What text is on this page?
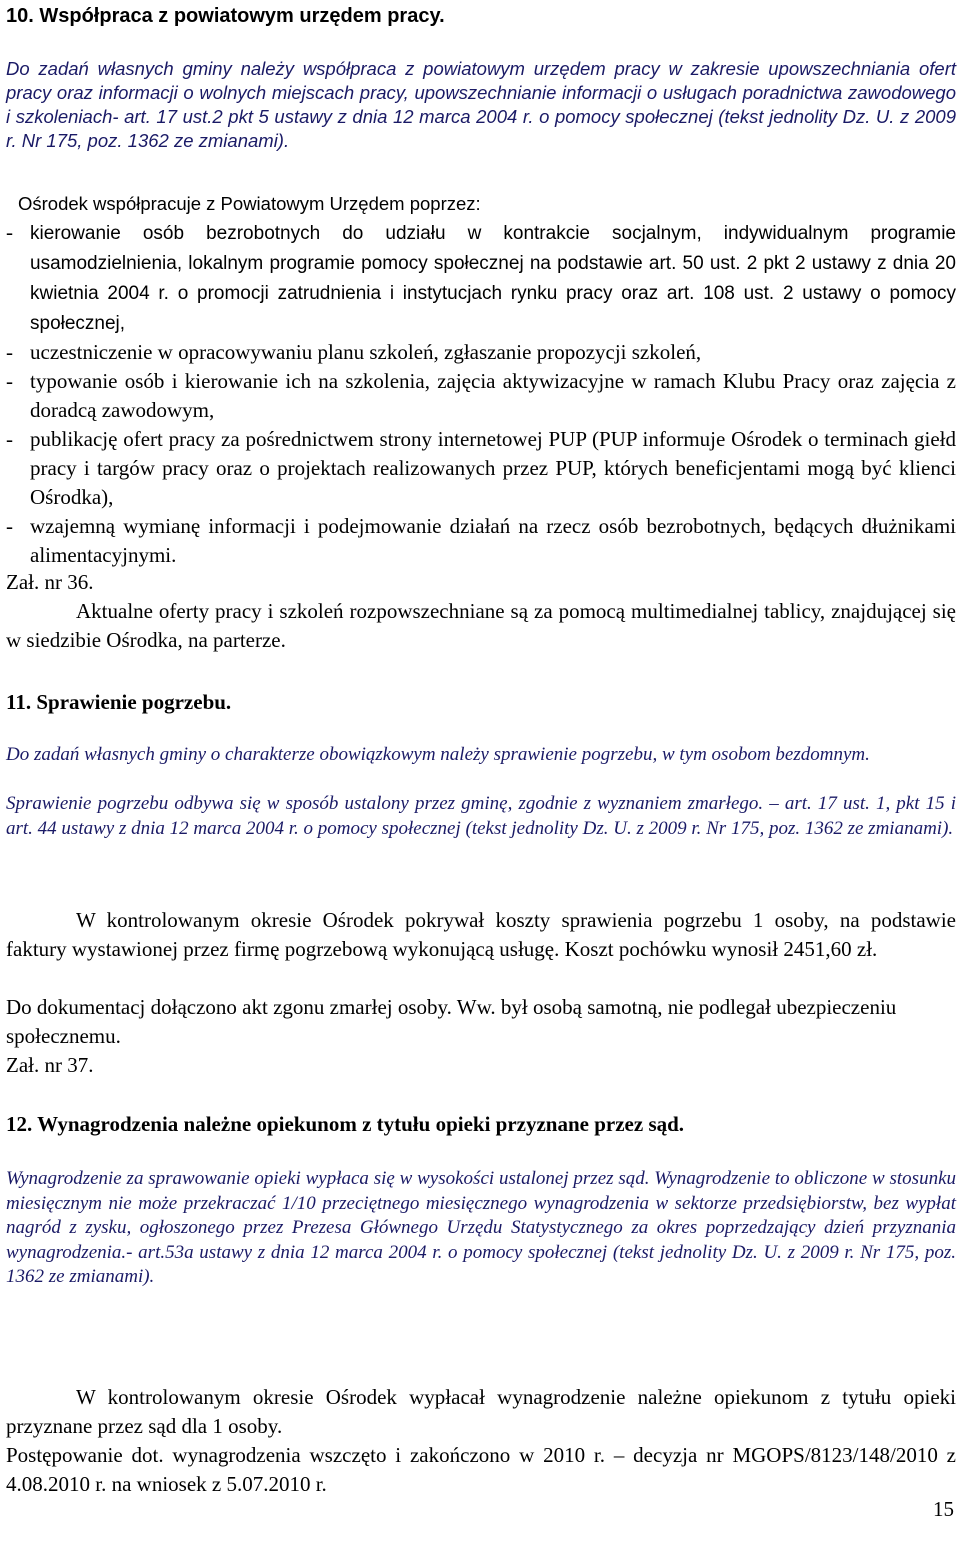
10. Współpraca z powiatowym urzędem pracy.

Do zadań własnych gminy należy współpraca z powiatowym urzędem pracy w zakresie upowszechniania ofert pracy oraz informacji o wolnych miejscach pracy, upowszechnianie informacji o usługach poradnictwa zawodowego i szkoleniach- art. 17 ust.2 pkt 5 ustawy z dnia 12 marca 2004 r. o pomocy społecznej (tekst jednolity Dz. U. z 2009 r. Nr 175, poz. 1362 ze zmianami).

Ośrodek współpracuje z Powiatowym Urzędem poprzez:

- kierowanie osób bezrobotnych do udziału w kontrakcie socjalnym, indywidualnym programie usamodzielnienia, lokalnym programie pomocy społecznej na podstawie art. 50 ust. 2 pkt 2 ustawy z dnia 20 kwietnia 2004 r. o promocji zatrudnienia i instytucjach rynku pracy oraz art. 108 ust. 2 ustawy o pomocy społecznej,
- uczestniczenie w opracowywaniu planu szkoleń, zgłaszanie propozycji szkoleń,
- typowanie osób i kierowanie ich na szkolenia, zajęcia aktywizacyjne w ramach Klubu Pracy oraz zajęcia z doradcą zawodowym,
- publikację ofert pracy za pośrednictwem strony internetowej PUP (PUP informuje Ośrodek o terminach giełd pracy i targów pracy oraz o projektach realizowanych przez PUP, których beneficjentami mogą być klienci Ośrodka),
- wzajemną wymianę informacji i podejmowanie działań na rzecz osób bezrobotnych, będących dłużnikami alimentacyjnymi.

Zał. nr 36.

Aktualne oferty pracy i szkoleń rozpowszechniane są za pomocą multimedialnej tablicy, znajdującej się w siedzibie Ośrodka, na parterze.

11. Sprawienie pogrzebu.

Do zadań własnych gminy o charakterze obowiązkowym należy sprawienie pogrzebu, w tym osobom bezdomnym.

Sprawienie pogrzebu odbywa się w sposób ustalony przez gminę, zgodnie z wyznaniem zmarłego. – art. 17 ust. 1, pkt 15 i art. 44 ustawy z dnia 12 marca 2004 r. o pomocy społecznej (tekst jednolity Dz. U. z 2009 r. Nr 175, poz. 1362 ze zmianami).

W kontrolowanym okresie Ośrodek pokrywał koszty sprawienia pogrzebu 1 osoby, na podstawie faktury wystawionej przez firmę pogrzebową wykonującą usługę. Koszt pochówku wynosił 2451,60 zł.

Do dokumentacj dołączono akt zgonu zmarłej osoby. Ww. był osobą samotną, nie podlegał ubezpieczeniu społecznemu.

Zał. nr 37.

12. Wynagrodzenia należne opiekunom z tytułu opieki przyznane przez sąd.

Wynagrodzenie za sprawowanie opieki wypłaca się w wysokości ustalonej przez sąd. Wynagrodzenie to obliczone w stosunku miesięcznym nie może przekraczać 1/10 przeciętnego miesięcznego wynagrodzenia w sektorze przedsiębiorstw, bez wypłat nagród z zysku, ogłoszonego przez Prezesa Głównego Urzędu Statystycznego za okres poprzedzający dzień przyznania wynagrodzenia.- art.53a ustawy z dnia 12 marca 2004 r. o pomocy społecznej (tekst jednolity Dz. U. z 2009 r. Nr 175, poz. 1362 ze zmianami).

W kontrolowanym okresie Ośrodek wypłacał wynagrodzenie należne opiekunom z tytułu opieki przyznane przez sąd dla 1 osoby.

Postępowanie dot. wynagrodzenia wszczęto i zakończono w 2010 r. – decyzja nr MGOPS/8123/148/2010 z 4.08.2010 r. na wniosek z 5.07.2010 r.

15
